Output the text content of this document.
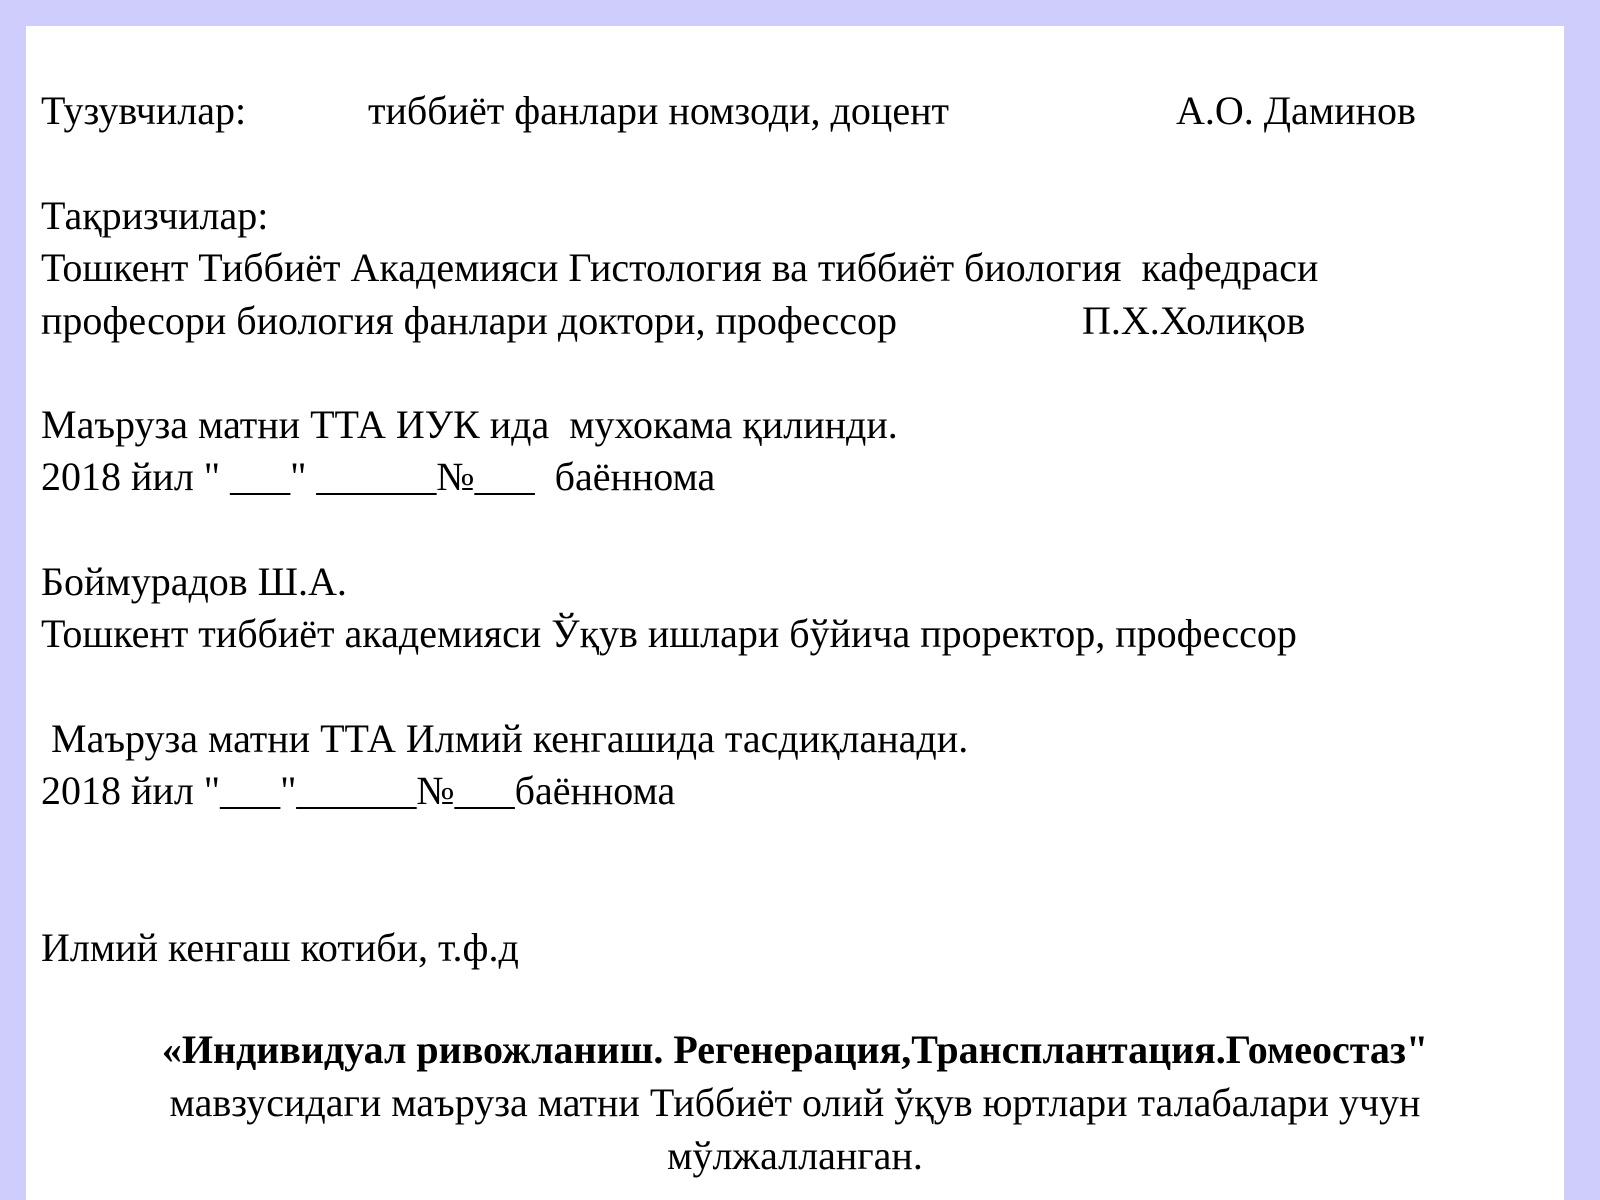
Тузувчилар:	тиббиёт фанлари номзоди, доцент	А.О. Даминов
Тақризчилар:
Тошкент Тиббиёт Академияси Гистология ва тиббиёт биология  кафедраси
професори биология фанлари доктори, профессор	П.Х.Холиқов
Маъруза матни ТТА ИУК ида  мухокама қилинди.
2018 йил " ___" ______№___  баённома
Боймурадов Ш.А.
Тошкент тиббиёт академияси Ўқув ишлари бўйича проректор, профессор
Маъруза матни ТТА Илмий кенгашида тасдиқланади.
2018 йил "___"______№___баённома
Илмий кенгаш котиби, т.ф.д
«Индивидуал ривожланиш. Регенерация,Трансплантация.Гомеостаз"
мавзусидаги маъруза матни Тиббиёт олий ўқув юртлари талабалари учун
мўлжалланган.
